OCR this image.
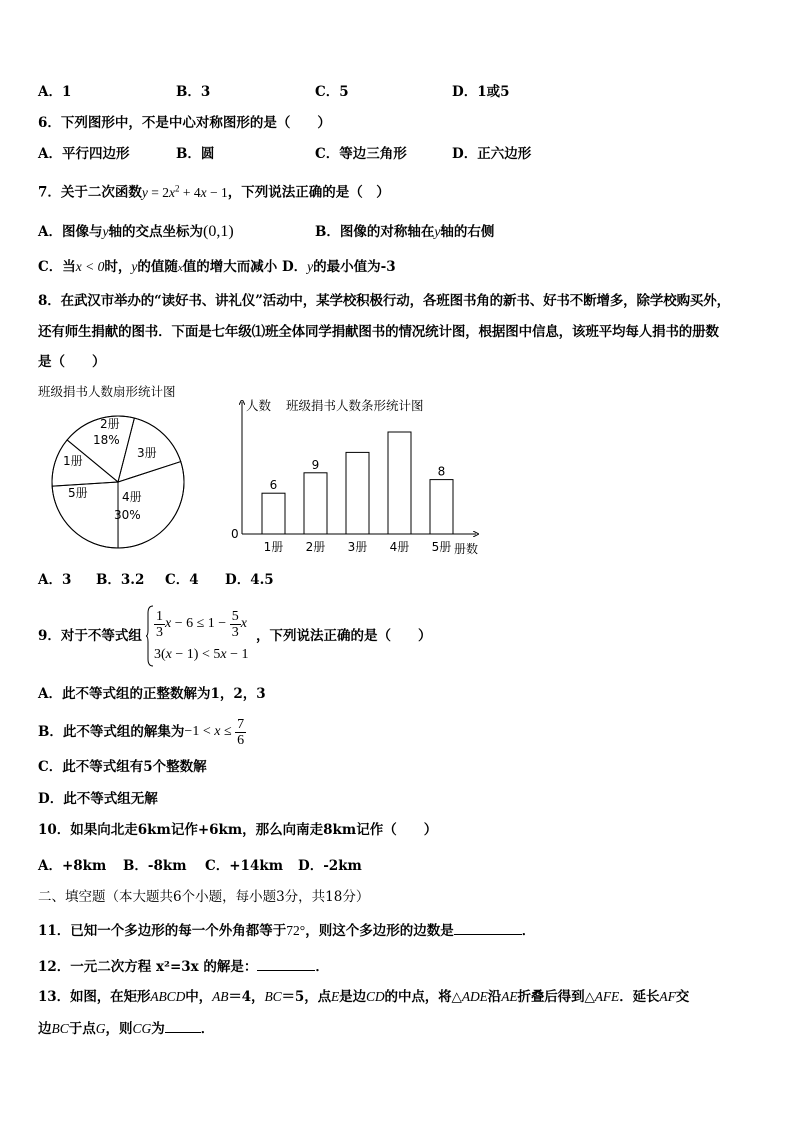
A．1	B．3	C．5	D．1或5
6．下列图形中，不是中心对称图形的是（　　）
A．平行四边形	B．圆	C．等边三角形	D．正六边形
7．关于二次函数$y = 2x^2 + 4x - 1$，下列说法正确的是（　）
A．图像与y轴的交点坐标为(0,1)	B．图像的对称轴在y轴的右侧
C．当x < 0时，y的值随x值的增大而减小 D．y的最小值为-3
8．在武汉市举办的“读好书、讲礼仪”活动中，某学校积极行动，各班图书角的新书、好书不断增多，除学校购买外，
还有师生捐献的图书．下面是七年级⑴班全体同学捐献图书的情况统计图，根据图中信息，该班平均每人捐书的册数
是（　　）
班级捐书人数扇形统计图
2册
18%
3册
1册
5册	4册
30%
人数 班级捐书人数条形统计图
0
6
1册
9
2册 3册 4册
8
5册 册数
A．3 B．3.2 C．4 D．4.5
9．对于不等式组 $\frac{1}{3}$ $x - 6 \le 1 - \frac{5}{3}$ x
3(x − 1) < 5x − 1
，下列说法正确的是（　　）
A．此不等式组的正整数解为1，2，3
B．此不等式组的解集为 $-1 < x \le \frac{7}{6}$
C．此不等式组有5个整数解
D．此不等式组无解
10．如果向北走6km记作+6km，那么向南走8km记作（　　）
A．+8km B．-8km C．+14km D．-2km
二、填空题（本大题共6个小题，每小题3分，共18分）
11．已知一个多边形的每一个外角都等于72°，则这个多边形的边数是	．
12．一元二次方程 x²=3x 的解是：	．
13．如图，在矩形ABCD中，AB＝4，BC＝5，点E是边CD的中点，将△ADE沿AE折叠后得到△AFE．延长AF交
边BC于点G，则CG为	．
